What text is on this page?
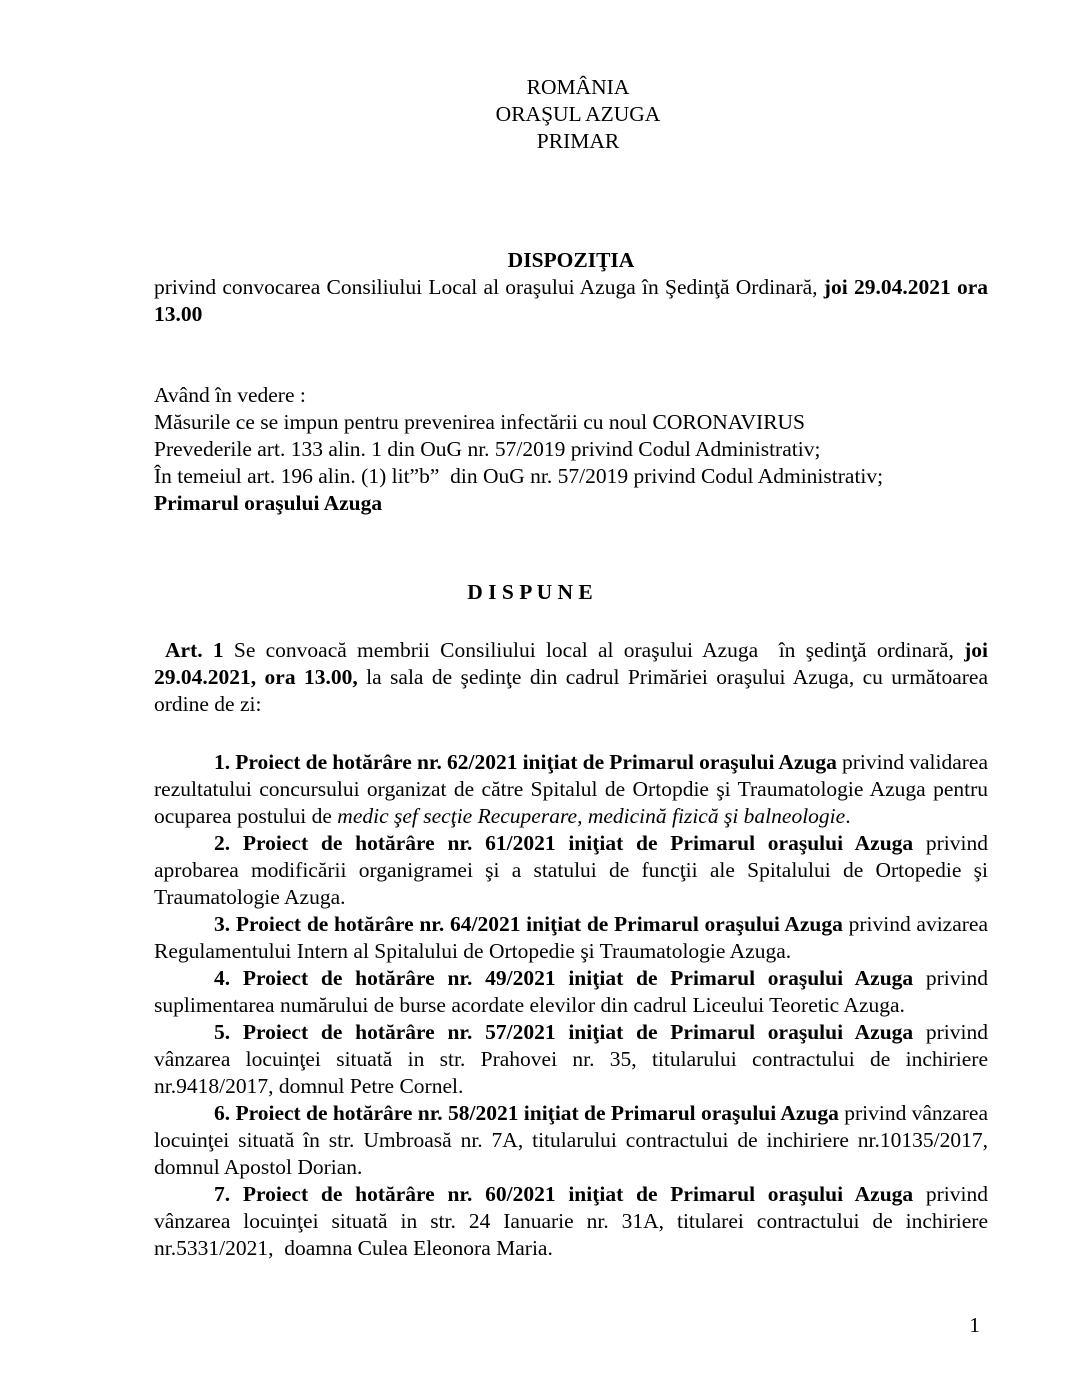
ROMÂNIA
ORAŞUL AZUGA
PRIMAR
DISPOZIŢIA
privind convocarea Consiliului Local al oraşului Azuga în Şedinţă Ordinară, joi 29.04.2021 ora
13.00
Având în vedere :
Măsurile ce se impun pentru prevenirea infectării cu noul CORONAVIRUS
Prevederile art. 133 alin. 1 din OuG nr. 57/2019 privind Codul Administrativ;
În temeiul art. 196 alin. (1) lit”b”  din OuG nr. 57/2019 privind Codul Administrativ;
Primarul oraşului Azuga
D I S P U N E
Art. 1 Se convoacă membrii Consiliului local al oraşului Azuga  în şedinţă ordinară, joi
29.04.2021, ora 13.00, la sala de şedinţe din cadrul Primăriei oraşului Azuga, cu următoarea
ordine de zi:
1. Proiect de hotărâre nr. 62/2021 iniţiat de Primarul oraşului Azuga privind validarea
rezultatului concursului organizat de către Spitalul de Ortopdie şi Traumatologie Azuga pentru
ocuparea postului de medic şef secţie Recuperare, medicină fizică şi balneologie.
2. Proiect de hotărâre nr. 61/2021 iniţiat de Primarul oraşului Azuga privind
aprobarea modificării organigramei şi a statului de funcţii ale Spitalului de Ortopedie şi
Traumatologie Azuga.
3. Proiect de hotărâre nr. 64/2021 iniţiat de Primarul oraşului Azuga privind avizarea
Regulamentului Intern al Spitalului de Ortopedie şi Traumatologie Azuga.
4. Proiect de hotărâre nr. 49/2021 iniţiat de Primarul oraşului Azuga privind
suplimentarea numărului de burse acordate elevilor din cadrul Liceului Teoretic Azuga.
5. Proiect de hotărâre nr. 57/2021 iniţiat de Primarul oraşului Azuga privind
vânzarea locuinţei situată in str. Prahovei nr. 35, titularului contractului de inchiriere
nr.9418/2017, domnul Petre Cornel.
6. Proiect de hotărâre nr. 58/2021 iniţiat de Primarul oraşului Azuga privind vânzarea
locuinţei situată în str. Umbroasă nr. 7A, titularului contractului de inchiriere nr.10135/2017,
domnul Apostol Dorian.
7. Proiect de hotărâre nr. 60/2021 iniţiat de Primarul oraşului Azuga privind
vânzarea locuinţei situată in str. 24 Ianuarie nr. 31A, titularei contractului de inchiriere
nr.5331/2021,  doamna Culea Eleonora Maria.
1
